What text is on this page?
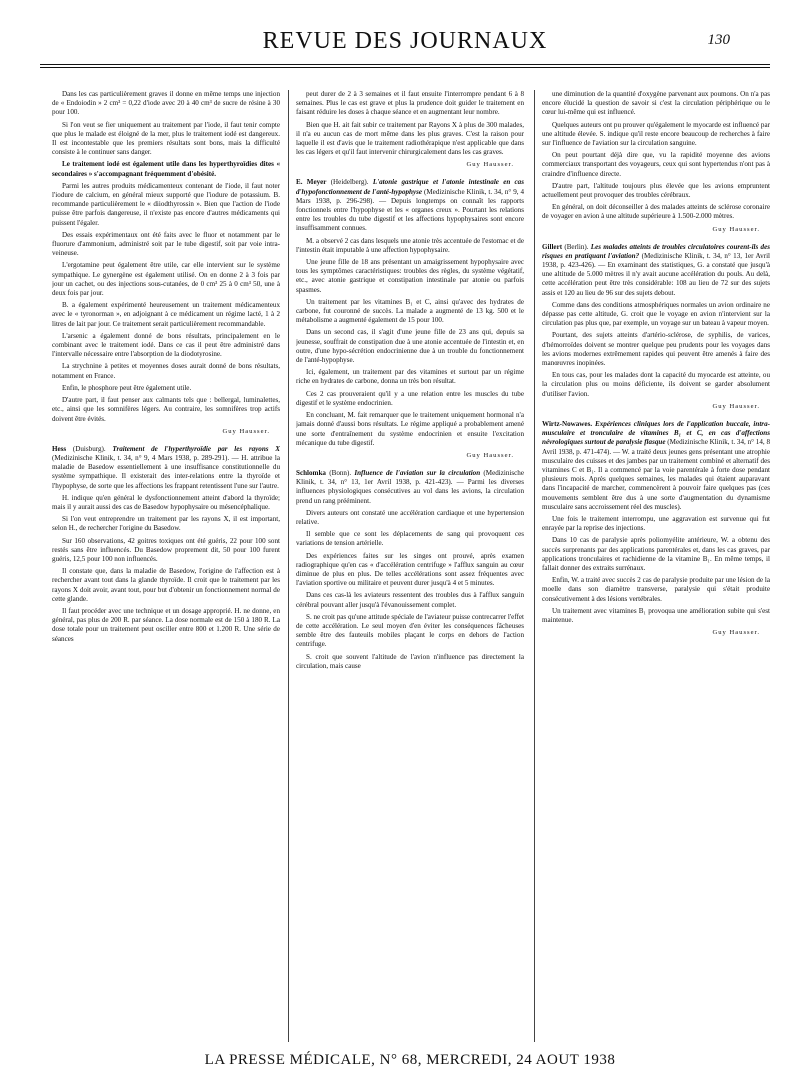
REVUE DES JOURNAUX	130

Dans les cas particulièrement graves il donne en même temps une injection de « Endoiodin » 2 cm³ = 0,22 d'iode avec 20 à 40 cm³ de sucre de résine à 30 pour 100.

Si l'on veut se fier uniquement au traitement par l'iode, il faut tenir compte que plus le malade est éloigné de la mer, plus le traitement iodé est dangereux. Il est incontestable que les premiers résultats sont bons, mais la difficulté consiste à le continuer sans danger.

Le traitement iodé est également utile dans les hyperthyroïdies dites « secondaires » s'accompagnant fréquemment d'obésité.

Parmi les autres produits médicamenteux contenant de l'iode, il faut noter l'iodure de calcium, en général mieux supporté que l'iodure de potassium. B. recommande particulièrement le « diiodthyrossin ». Bien que l'action de l'iode puisse être parfois dangereuse, il n'existe pas encore d'autres médicaments qui puissent l'égaler.

Des essais expérimentaux ont été faits avec le fluor et notamment par le fluorure d'ammonium, administré soit par le tube digestif, soit par voie intra-veineuse.

L'ergotamine peut également être utile, car elle intervient sur le système sympathique. Le gynergène est également utilisé. On en donne 2 à 3 fois par jour un cachet, ou des injections sous-cutanées, de 0 cm³ 25 à 0 cm³ 50, une à deux fois par jour.

B. a également expérimenté heureusement un traitement médicamenteux avec le « tyronorman », en adjoignant à ce médicament un régime lacté, 1 à 2 litres de lait par jour. Ce traitement serait particulièrement recommandable.

L'arsenic a également donné de bons résultats, principalement en le combinant avec le traitement iodé. Dans ce cas il peut être administré dans l'intervalle nécessaire entre l'absorption de la diodotyrosine.

La strychnine à petites et moyennes doses aurait donné de bons résultats, notamment en France.

Enfin, le phosphore peut être également utile.

D'autre part, il faut penser aux calmants tels que : bellergal, luminalettes, etc., ainsi que les somnifères légers. Au contraire, les somnifères trop actifs doivent être évités.

Guy Hausser.

Hess (Duisburg). Traitement de l'hyperthyroïdie par les rayons X (Medizinische Klinik, t. 34, n° 9, 4 Mars 1938, p. 289-291). — H. attribue la maladie de Basedow essentiellement à une insuffisance constitutionnelle du système sympathique. Il existerait des inter-relations entre la thyroïde et l'hypophyse, de sorte que les affections les frappant retentissent l'une sur l'autre.

H. indique qu'en général le dysfonctionnement atteint d'abord la thyroïde; mais il y aurait aussi des cas de Basedow hypophysaire ou mésencéphalique.

Si l'on veut entreprendre un traitement par les rayons X, il est important, selon H., de rechercher l'origine du Basedow.

Sur 160 observations, 42 goitres toxiques ont été guéris, 22 pour 100 sont restés sans être influencés. Du Basedow proprement dit, 50 pour 100 furent guéris, 12,5 pour 100 non influencés.

Il constate que, dans la maladie de Basedow, l'origine de l'affection est à rechercher avant tout dans la glande thyroïde. Il croit que le traitement par les rayons X doit avoir, avant tout, pour but d'obtenir un fonctionnement normal de cette glande.

Il faut procéder avec une technique et un dosage approprié. H. ne donne, en général, pas plus de 200 R. par séance. La dose normale est de 150 à 180 R. La dose totale pour un traitement peut osciller entre 800 et 1.200 R. Une série de séances

peut durer de 2 à 3 semaines et il faut ensuite l'interrompre pendant 6 à 8 semaines. Plus le cas est grave et plus la prudence doit guider le traitement en faisant réduire les doses à chaque séance et en augmentant leur nombre.

Bien que H. ait fait subir ce traitement par Rayons X à plus de 300 malades, il n'a eu aucun cas de mort même dans les plus graves. C'est la raison pour laquelle il est d'avis que le traitement radiothérapique n'est applicable que dans les cas légers et qu'il faut intervenir chirurgicalement dans les cas graves.

Guy Hausser.

E. Meyer (Heidelberg). L'atonie gastrique et l'atonie intestinale en cas d'hypofonctionnement de l'anté-hypophyse (Medizinische Klinik, t. 34, n° 9, 4 Mars 1938, p. 296-298). — Depuis longtemps on connaît les rapports fonctionnels entre l'hypophyse et les « organes creux ». Pourtant les relations entre les troubles du tube digestif et les affections hypophysaires sont encore insuffisamment connues.

M. a observé 2 cas dans lesquels une atonie très accentuée de l'estomac et de l'intestin était imputable à une affection hypophysaire.

Une jeune fille de 18 ans présentant un amaigrissement hypophysaire avec tous les symptômes caractéristiques: troubles des règles, du système végétatif, etc., avec atonie gastrique et constipation intestinale par atonie ou parfois spasmes.

Un traitement par les vitamines B₁ et C, ainsi qu'avec des hydrates de carbone, fut couronné de succès. La malade a augmenté de 13 kg. 500 et le métabolisme a augmenté également de 15 pour 100.

Dans un second cas, il s'agit d'une jeune fille de 23 ans qui, depuis sa jeunesse, souffrait de constipation due à une atonie accentuée de l'intestin et, en outre, d'une hypo-sécrétion endocrinienne due à un trouble du fonctionnement de l'anté-hypophyse.

Ici, également, un traitement par des vitamines et surtout par un régime riche en hydrates de carbone, donna un très bon résultat.

Ces 2 cas prouveraient qu'il y a une relation entre les muscles du tube digestif et le système endocrinien.

En concluant, M. fait remarquer que le traitement uniquement hormonal n'a jamais donné d'aussi bons résultats. Le régime appliqué a probablement amené une sorte d'entraînement du système endocrinien et ensuite l'excitation mécanique du tube digestif.

Guy Hausser.

Schlomka (Bonn). Influence de l'aviation sur la circulation (Medizinische Klinik, t. 34, n° 13, 1er Avril 1938, p. 421-423). — Parmi les diverses influences physiologiques consécutives au vol dans les avions, la circulation prend un rang prééminent.

Divers auteurs ont constaté une accélération cardiaque et une hypertension relative.

Il semble que ce sont les déplacements de sang qui provoquent ces variations de tension artérielle.

Des expériences faites sur les singes ont prouvé, après examen radiographique qu'en cas « d'accélération centrifuge » l'afflux sanguin au cœur diminue de plus en plus. De telles accélérations sont assez fréquentes avec l'aviation sportive ou militaire et peuvent durer jusqu'à 4 et 5 minutes.

Dans ces cas-là les aviateurs ressentent des troubles dus à l'afflux sanguin cérébral pouvant aller jusqu'à l'évanouissement complet.

S. ne croit pas qu'une attitude spéciale de l'aviateur puisse contrecarrer l'effet de cette accélération. Le seul moyen d'en éviter les conséquences fâcheuses semble être des fauteuils mobiles plaçant le corps en dehors de l'action centrifuge.

S. croit que souvent l'altitude de l'avion n'influence pas directement la circulation, mais cause

une diminution de la quantité d'oxygène parvenant aux poumons. On n'a pas encore élucidé la question de savoir si c'est la circulation périphérique ou le cœur lui-même qui est influencé.

Quelques auteurs ont pu prouver qu'également le myocarde est influencé par une altitude élevée. S. indique qu'il reste encore beaucoup de recherches à faire sur l'influence de l'aviation sur la circulation sanguine.

On peut pourtant déjà dire que, vu la rapidité moyenne des avions commerciaux transportant des voyageurs, ceux qui sont hypertendus n'ont pas à craindre d'influence directe.

D'autre part, l'altitude toujours plus élevée que les avions empruntent actuellement peut provoquer des troubles cérébraux.

En général, on doit déconseiller à des malades atteints de sclérose coronaire de voyager en avion à une altitude supérieure à 1.500-2.000 mètres.

Guy Hausser.

Gillert (Berlin). Les malades atteints de troubles circulatoires courent-ils des risques en pratiquant l'aviation? (Medizinische Klinik, t. 34, n° 13, 1er Avril 1938, p. 423-426). — En examinant des statistiques, G. a constaté que jusqu'à une altitude de 5.000 mètres il n'y avait aucune accélération du pouls. Au delà, cette accélération peut être très considérable: 108 au lieu de 72 sur des sujets assis et 120 au lieu de 96 sur des sujets debout.

Comme dans des conditions atmosphériques normales un avion ordinaire ne dépasse pas cette altitude, G. croit que le voyage en avion n'intervient sur la circulation pas plus que, par exemple, un voyage sur un bateau à vapeur moyen.

Pourtant, des sujets atteints d'artério-sclérose, de syphilis, de varices, d'hémorroïdes doivent se montrer quelque peu prudents pour les voyages dans les avions modernes extrêmement rapides qui peuvent être amenés à faire des manœuvres inopinées.

En tous cas, pour les malades dont la capacité du myocarde est atteinte, ou la circulation plus ou moins déficiente, ils doivent se garder absolument d'utiliser l'avion.

Guy Hausser.

Wirtz-Nowawes. Expériences cliniques lors de l'application buccale, intra-musculaire et tronculaire de vitamines B₁ et C, en cas d'affections névrologiques surtout de paralysie flasque (Medizinische Klinik, t. 34, n° 14, 8 Avril 1938, p. 471-474). — W. a traité deux jeunes gens présentant une atrophie musculaire des cuisses et des jambes par un traitement combiné et alternatif des vitamines C et B₁. Il a commencé par la voie parentérale à forte dose pendant plusieurs mois. Après quelques semaines, les malades qui étaient auparavant dans l'incapacité de marcher, commencèrent à pouvoir faire quelques pas (ces mouvements semblent être dus à une sorte d'augmentation du dynamisme musculaire sans accroissement réel des muscles).

Une fois le traitement interrompu, une aggravation est survenue qui fut enrayée par la reprise des injections.

Dans 10 cas de paralysie après poliomyélite antérieure, W. a obtenu des succès surprenants par des applications parentérales et, dans les cas graves, par applications tronculaires et rachidienne de la vitamine B₁. En même temps, il fallait donner des extraits surrénaux.

Enfin, W. a traité avec succès 2 cas de paralysie produite par une lésion de la moelle dans son diamètre transverse, paralysie qui s'était produite consécutivement à des lésions vertébrales.

Un traitement avec vitamines B₁ provoqua une amélioration subite qui s'est maintenue.

Guy Hausser.
LA PRESSE MÉDICALE, N° 68, MERCREDI, 24 AOUT 1938
